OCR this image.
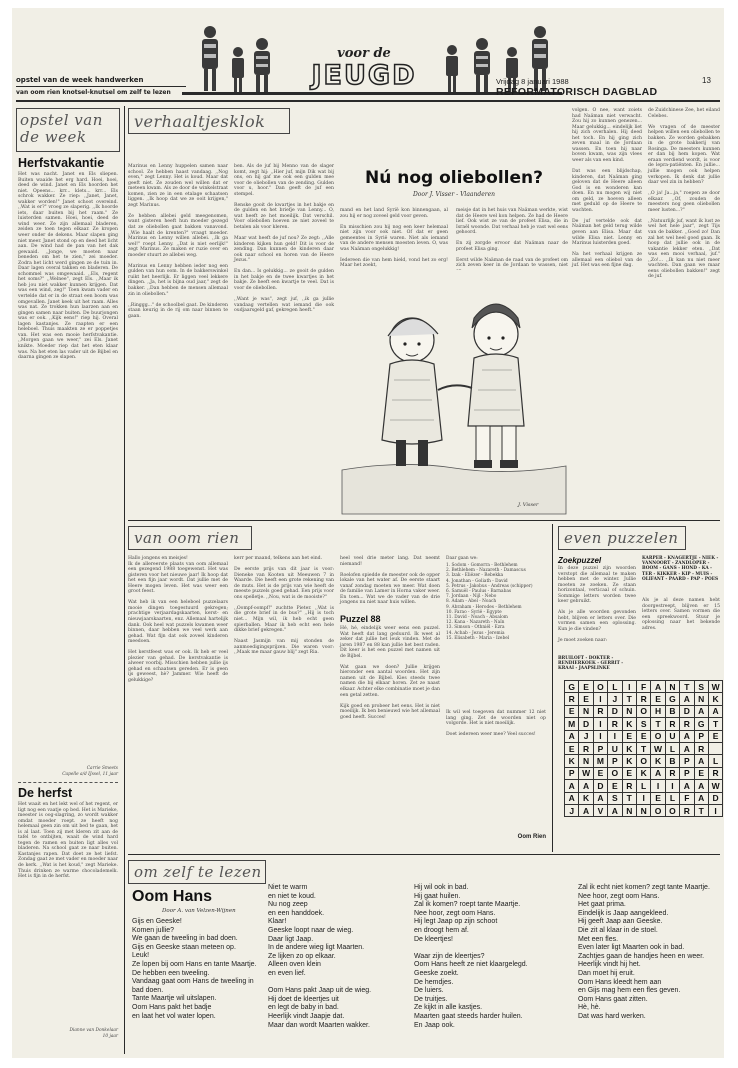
opstel van de week handwerken
van oom rien knotsel-knutsel om zelf te lezen
voor de
JEUGD	Vrijdag 8 januari 1988	13
REFORMATORISCH DAGBLAD
opstel van de week
Herfstvakantie
Het was nacht. Janet en Els sliepen. Buiten waaide het erg hard. Hoei, hoei, deed de wind. Janet en Els hoorden het niet. Opeens... krr... klets... krr... Els schrok wakker. Ze riep: ,,Janet, Janet, wakker worden!" Janet schoot overeind. ,,Wat is er?" vroeg ze slaperig. ,,Ik hoorde iets, daar buiten bij het raam." Ze luisterden samen. Hoei, hoei, deed de wind weer. Ze zijn allemaal bladeren, zeiden ze toen tegen elkaar. Ze kropen weer onder de dekens. Maar slapen ging niet meer. Janet stond op en deed het licht aan. De wind had de pan van het dak gewaaid. ,,Jonge, we moeten naar beneden om het te zien," zei moeder. Zodra het licht werd gingen ze de tuin in. Daar lagen overal takken en bladeren. De schommel was omgewaaid. ,,Els, regent het soms?" ,,Welnee", zegt Els. ,,Maar ik heb jou niet wakker kunnen krijgen. Dat was een wind, zeg!" Toen kwam vader en vertelde dat er in de straat een boom was omgevallen. Janet keek uit het raam. Alles was nat. Ze trokken hun laarzen aan en gingen samen naar buiten. De buurjongen was er ook. ,,Kijk eens!" riep hij. Overal lagen kastanjes. Ze raapten er een heleboel. Thuis maakten ze er poppetjes van. Het was een mooie herfstvakantie. ,,Morgen gaan we weer," zei Els. Janet knikte. Moeder riep dat het eten klaar was. Na het eten las vader uit de Bijbel en daarna gingen ze slapen.
Carrie Smeets
Capelle a/d IJssel, 11 jaar
De herfst
Het waait en het lekt wel of het regent, er ligt nog een vaatje op bed. Het is Marieke, meester is oog-slagring, zo wordt wakker omdat moeder roept. ze heeft nog helemaal geen zin om uit bed te gaan, het is al laat. Toen zij met kleren zit aan de tafel te ontbijten, waait de wind hard tegen de ramen en buiten ligt alles vol bladeren. Na school gaat ze naar buiten. Kastanjes rapen. Dat doet ze het liefst. Zondag gaat ze met vader en moeder naar de kerk. ,,Wat is het koud," zegt Marieke. Thuis drinken ze warme chocolademelk. Het is fijn in de herfst.
Dianne van Donkelaar
10 jaar
verhaaltjesklok
Marinus en Lenny huppelen samen naar school. Ze hebben haast vandaag. ,,Nog even," zegt Lenny. Het is koud. Maar dat geeft niet. Ze zouden wel willen dat er meteen kwam. Als ze door de winkelstraat komen, zien ze in een etalage schaatsen liggen. ,,Ik hoop dat we ze ooit krijgen," zegt Marinus.

Ze hebben allebei geld meegenomen, want gisteren heeft hun moeder gezegd dat ze oliebollen gaat bakken vanavond. ,,Wie haalt de krenten?" vraagt moeder. Marinus en Lenny willen allebei. ,,Ik ga wel!" roept Lenny. ,,Dat is niet eerlijk!" zegt Marinus. Ze maken er ruzie over en moeder stuurt ze allebei weg.

Marinus en Lenny hebben ieder nog een gulden van hun oom. In de bakkerswinkel ruikt het heerlijk. Er liggen veel lekkere dingen. ,,Ja, het is bijna oud jaar," zegt de bakker. ,,Dan hebben de mensen allemaal zin in oliebollen."

,,Ringgg..." de schoolbel gaat. De kinderen staan keurig in de rij om naar binnen te gaan.
ben. Als de juf bij Menno van de slager komt, zegt hij: ,,Hier juf, mijn Dik wat bij ons, en hij gaf me ook een gulden mee voor de oliebollen van de zending. Gulden voor u, hoor." Dan geeft de juf een stempel.

Renske gooit de kwartjes in het bakje en de gulden en het briefje van Lenny... O, wat heeft ze het moeilijk. Dat verschil. Voor oliebollen hoeven ze niet zoveel te betalen als voor kleren.

Maar wat heeft de juf nou? Ze zegt: ,,Alle kinderen kijken hun geld! Dit is voor de zending. Dan kunnen de kinderen daar ook naar school en horen van de Heere Jezus."

En dan... Is gelukkig... ze gooit de gulden in het bakje en de twee kwartjes in het bakje. Ze heeft een kwartje te veel. Dat is voor de oliebollen.

,,Want je was", zegt juf, ,,ik ga jullie vandaag vertellen wat iemand die ook oudjaarsgeld gaf, gekregen heeft."
Nú nog oliebollen?
Door J. Visser - Vlaanderen
mand en het land Syrië kon binnengaan, al zou hij er nog zoveel geld voor geven.

En misschien zou hij nog een keer helemaal niet zijn voor ook niet. Of dat er geen gemeentes in Syrië waren. Niet als iemand van de andere mensen moesten leven. O, was was Naäman ongelukkig!

Iedereen die van hem hield, vond het zo erg! Maar het zoekt,
meisje dat in het huis van Naäman werkte, wist dat de Heere wel kon helpen. Ze had de Heere lief. Ook wist ze van de profeet Elisa, die in Israël woonde. Dat verhaal heb je vast wel eens gehoord.

En zij zorgde ervoor dat Naäman naar de profeet Elisa ging.

Eerst wilde Naäman de raad van de profeet om zich zeven keer in de Jordaan te wassen, niet
J. Visser
volgen. O nee, want zoiets had Naäman niet verwacht. Zou hij zo kunnen genezen... Maar gelukkig... eindelijk liet hij zich overhalen. Hij deed het toch. En hij ging zich zeven maal in de Jordaan wassen. En toen hij naar boven kwam, was zijn vlees weer als van een kind.

Dat was een blijdschap, kinderen, dat Naäman ging geloven dat de Heere alleen God is en wonderen kan doen. En nu mogen wij niet om geld, ze hoeven alleen met geduld op de Heere te wachten.

De juf vertelde ook dat Naäman het geld terug wilde geven aan Elisa. Maar dat wilde Elisa niet. Lenny en Marinus luisterden goed.

Na het verhaal krijgen ze allemaal een oliebol van de juf. Het was een fijne dag.
de Zuidchinese Zee, het eiland Celebes.

We vragen of de meester helpen willen een oliebollen te bakken. Ze worden gebakken in de grote bakkerij van Rosinga. De meesters kunnen er dan bij hem kopen. Wat eraan verdiend wordt, is voor de lepra-patiënten. En jullie... jullie mogen ook helpen verkopen. Ik denk dat jullie daar wel zin in hebben?

,,O ja! Ja...ja," roepen ze door elkaar. ,,Of, zouden de meesters nog geen oliebollen meer lusten...?"

,,Natuurlijk juf, want ik lust ze wel het hele jaar", zegt Tijs van de bakker. ,,Goed zo! Dan zal het wel heel goed gaan. Ik hoop dat jullie ook in de vakantie lekker eten. ,,Dat was een mooi verhaal, juf." ,,Zo!... ,,Ik kan nu niet meer wachten. Dan gaan we maar eens oliebollen bakken!" zegt de juf.
van oom rien
Hallo jongens en meisjes!
Ik de allereerste plaats van oom allemaal een gezegend 1988 toegewenst. Het was gisteren voor het nieuwe jaar! Ik hoop dat het een fijn jaar wordt. Dat jullie met de Heere mogen leven. Het was weer een groot feest.

Wat heb ik van een heleboel puzzelaars mooie dingen toegestuurd gekregen; prachtige verjaardagskaarten, kerst- en nieuwjaarskaarten, enz. Allemaal hartelijk dank. Ook heel wat puzzels kwamen weer binnen, daar hebben we veel werk aan gehad. Wat fijn dat ook zoveel kinderen meedoen.

Het kerstfeest was er ook. Ik heb er veel plezier van gehad. De kerstvakantie is alweer voorbij. Misschien hebben jullie ijs gehad en schaatsen gereden. Er is geen ijs geweest, hè? Jammer. Wie heeft de gelukkige?
kerr per maand, telkens aan het eind.

De eerste prijs van dit jaar is voor: Dieneke van Kooten uit Meeuwen 7 in Waarde. Die heeft een grote rekening van de muts. Het is de prijs van wie heeft de meeste puzzels goed gehad. Een prijs voor ons spelletje. ,,Nou, wat is de mooiste?"

,,Oompf-oompf!" zuchtte Pieter. ,,Wat is die grote brief in de bus?" ,,Hij is toch niet... Mijn wil, ik heb echt geen spierballen. Maar ik heb echt een hele dikke brief gekregen."

Naast Jasmijn van mij stonden de aanmoedigingsprijzen. Die waren voor: ,,Maak me maar gauw blij" zegt Ria.
heel veel drie meter lang. Dat neemt niemand!

Roelofen spiedde de meester ook de opper lokale van het water af. De eerste staart vanaf zondag moeten we meer. Wat doen de familie van Lamer in Horna vaker weer. En toen... Wat we de vader van de drie jongens nu niet naar huis willen.
Puzzel 88
Hé, hé, eindelijk weer eens een puzzel. Wat heeft dat lang geduurd. Ik weet al zeker dat jullie het leuk vinden. Met de jaren 1987 en 88 kan jullie het best raden. Dit keer is het een puzzel met namen uit de Bijbel.

Wat gaan we doen? Jullie krijgen hieronder een aantal woorden. Het zijn namen uit de Bijbel. Kies steeds twee namen die bij elkaar horen. Zet ze naast elkaar. Achter elke combinatie moet je dan een getal zetten.

Kijk goed en probeer het eens. Het is niet moeilijk. Ik ben benieuwd wie het allemaal goed heeft. Succes!
Daar gaan we:
1. Sodom - Gomorra - Bethlehem
2. Bethlehem - Nazareth - Damascus
3. Izak - Eliëzer - Rebekka
4. Jonathan - Goliath - David
5. Petrus - Jakobus - Andreas (schipper)
6. Samuël - Paulus - Barnabas
7. Jordaan - Nijl - Nebo
8. Adam - Abel - Noach
9. Abraham - Herodes - Bethlehem
10. Farao - Syrië - Egypte
11. David - Noach - Absalom
12. Kana - Nazareth - Naïn
13. Simson - Othniël - Ezra
14. Achab - Jezus - Jeremia
15. Elisabeth - Maria - Izebel
Ik wil wel toegeven dat nummer 12 niet lang ging. Zet de woorden niet op volgorde. Het is niet moeilijk.

Doet iedereen weer mee? Veel succes!
Oom Rien
even puzzelen
Zoekpuzzel
In deze puzzel zijn woorden verstopt die allemaal te maken hebben met de winter. Jullie moeten ze zoeken. Ze staan horizontaal, verticaal of schuin. Sommige letters worden twee keer gebruikt.

Als je alle woorden gevonden hebt, blijven er letters over. Die vormen samen een oplossing. Kun je die vinden?

Je moet zoeken naar:
BRUILOFT - DOKTER - RENDIERKOEK - GERRIT - KRAAI - JAAPSLINKE
KARPER - KNAGERTJE - NIEK - VANNOORT - ZANDLOPER - BOOM - GANS - HOND - KA - TER - KIKKER - KIP - MUIS - OLIFANT - PAARD - PAP - POES
Als je al deze namen hebt doorgestreept, blijven er 15 letters over. Samen vormen die een spreekwoord. Stuur je oplossing naar het bekende adres.
G	E	O	L	I	F	A	N	T	S	W
R	E	I	J	T	R	E	G	A	N	K
E	N	R	D	N	O	H	B	D	A	A
M	D	I	R	K	S	T	R	R	G	T
A	J	I	I	E	E	O	U	A	P	E
E	R	P	U	K	T	W	L	A	R	
K	N	M	P	K	O	K	B	P	A	L
P	W	E	O	E	K	A	R	P	E	R
A	A	D	E	R	L	I	I	A	A	W
A	K	A	S	T	I	E	L	F	A	D
J	A	V	A	N	N	O	O	R	T	I
om zelf te lezen
Oom Hans
Door A. van Velzen-Wijnen
Gijs en Geeske!
Komen jullie?
We gaan de tweeling in bad doen.
Gijs en Geeske staan meteen op.
Leuk!
Ze lopen bij oom Hans en tante Maartje.
De hebben een tweeling.
Vandaag gaat oom Hans de tweeling in bad doen.
Tante Maartje wil uitslapen.
Oom Hans pakt het badje
en laat het vol water lopen.
Niet te warm
en niet te koud.
Nu nog zeep
en een handdoek.
Klaar!
Geeske loopt naar de wieg.
Daar ligt Jaap.
In de andere wieg ligt Maarten.
Ze lijken zo op elkaar.
Alleen oven klein
en even lief.

Oom Hans pakt Jaap uit de wieg.
Hij doet de kleertjes uit
en legt de baby in bad.
Heerlijk vindt Jaapje dat.
Maar dan wordt Maarten wakker.
Hij wil ook in bad.
Hij gaat huilen.
Zal ik komen? roept tante Maartje.
Nee hoor, zegt oom Hans.
Hij legt Jaap op zijn schoot
en droogt hem af.
De kleertjes!

Waar zijn de kleertjes?
Oom Hans heeft ze niet klaargelegd.
Geeske zoekt.
De hemdjes.
De luiers.
De truitjes.
Ze kijkt in alle kastjes.
Maarten gaat steeds harder huilen.
En Jaap ook.
Zal ik echt niet komen? zegt tante Maartje.
Nee hoor, zegt oom Hans.
Het gaat prima.
Eindelijk is Jaap aangekleed.
Hij geeft Jaap aan Geeske.
Die zit al klaar in de stoel.
Met een fles.
Even later ligt Maarten ook in bad.
Zachtjes gaan de handjes heen en weer.
Heerlijk vindt hij het.
Dan moet hij eruit.
Oom Hans kleedt hem aan
en Gijs mag hem een fles geven.
Oom Hans gaat zitten.
Hè, hè.
Dat was hard werken.
